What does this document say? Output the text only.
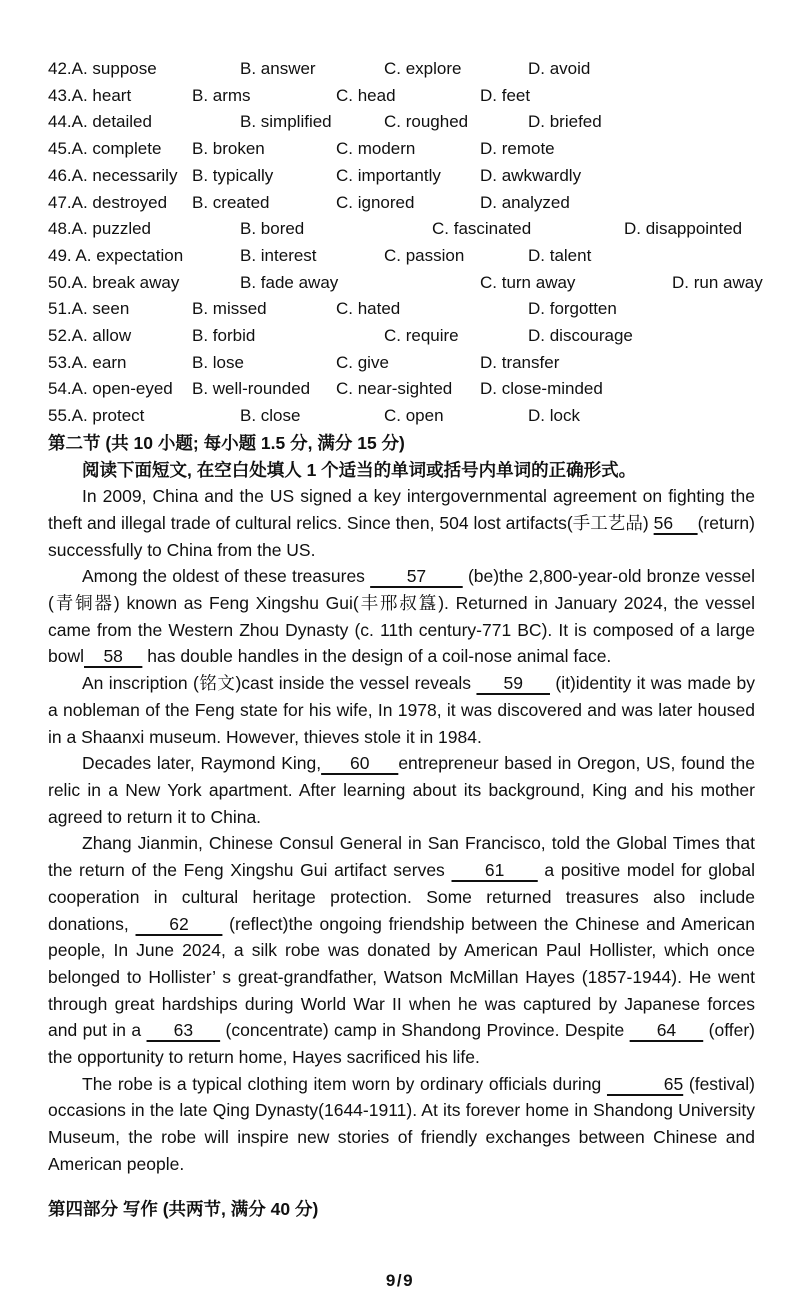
42.A. suppose		B. answer		C. explore		D. avoid
43.A. heart		B. arms		C. head		D. feet
44.A. detailed		B. simplified		C. roughed		D. briefed
45.A. complete	B. broken		C. modern		D. remote
46.A. necessarily	B. typically		C. importantly	D. awkwardly
47.A. destroyed	B. created		C. ignored		D. analyzed
48.A. puzzled		B. bored			C. fascinated		D. disappointed
49. A. expectation		B. interest		C. passion		D. talent
50.A. break away		B. fade away			C. turn away		D. run away
51.A. seen		B. missed		C. hated			D. forgotten
52.A. allow		B. forbid			C. require		D. discourage
53.A. earn		B. lose		C. give		D. transfer
54.A. open-eyed	B. well-rounded	C. near-sighted	D. close-minded
55.A. protect		B. close		C. open		D. lock
第二节 (共 10 小题; 每小题 1.5 分, 满分 15 分)
阅读下面短文, 在空白处填人 1 个适当的单词或括号内单词的正确形式。

In 2009, China and the US signed a key intergovernmental agreement on fighting the theft and illegal trade of cultural relics. Since then, 504 lost artifacts(手工艺品) 56     (return) successfully to China from the US.

Among the oldest of these treasures        57        (be)the 2,800-year-old bronze vessel (青铜器) known as Feng Xingshu Gui(丰邢叔簋). Returned in January 2024, the vessel came from the Western Zhou Dynasty (c. 11th century-771 BC). It is composed of a large bowl    58     has double handles in the design of a coil-nose animal face.

An inscription (铭文)cast inside the vessel reveals      59      (it)identity it was made by a nobleman of the Feng state for his wife, In 1978, it was discovered and was later housed in a Shaanxi museum. However, thieves stole it in 1984.

Decades later, Raymond King,     60     entrepreneur based in Oregon, US, found the relic in a New York apartment. After learning about its background, King and his mother agreed to return it to China.

Zhang Jianmin, Chinese Consul General in San Francisco, told the Global Times that the return of the Feng Xingshu Gui artifact serves      61      a positive model for global cooperation in cultural heritage protection. Some returned treasures also include donations,      62      (reflect)the ongoing friendship between the Chinese and American people, In June 2024, a silk robe was donated by American Paul Hollister, which once belonged to Hollister’ s great-grandfather, Watson McMillan Hayes (1857-1944). He went through great hardships during World War II when he was captured by Japanese forces and put in a      63      (concentrate) camp in Shandong Province. Despite      64      (offer) the opportunity to return home, Hayes sacrificed his life.

The robe is a typical clothing item worn by ordinary officials during           65 (festival) occasions in the late Qing Dynasty(1644-1911). At its forever home in Shandong University Museum, the robe will inspire new stories of friendly exchanges between Chinese and American people.

第四部分 写作 (共两节, 满分 40 分)
9/9
